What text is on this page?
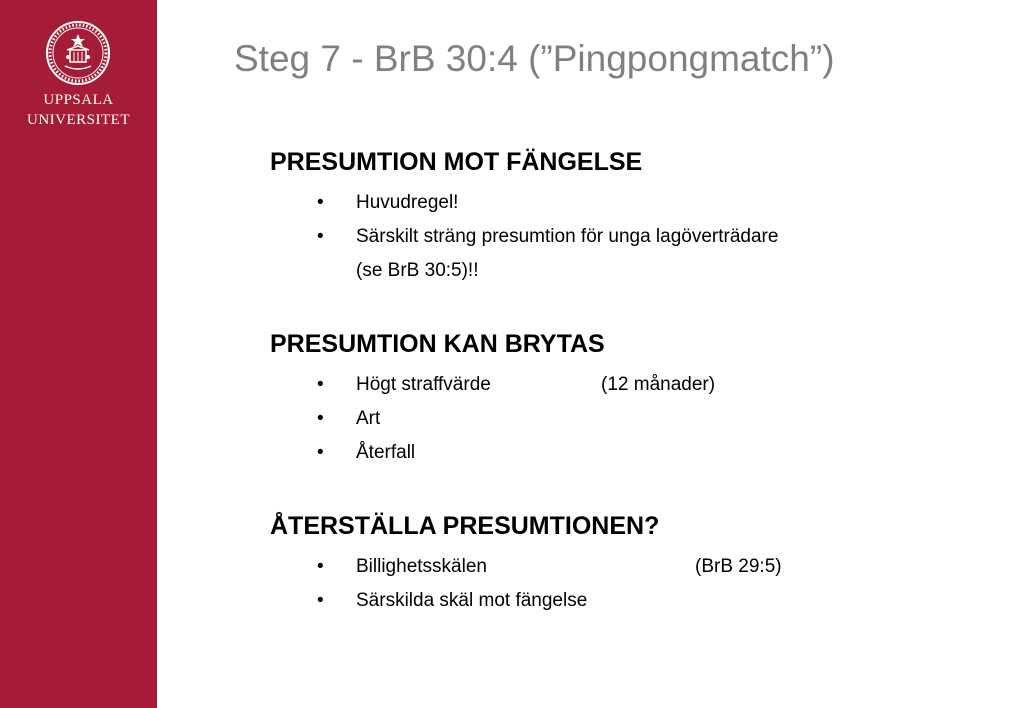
UPPSALA
UNIVERSITET
Steg 7 - BrB 30:4 (”Pingpongmatch”)
PRESUMTION MOT FÄNGELSE
• Huvudregel!
• Särskilt sträng presumtion för unga lagöverträdare
(se BrB 30:5)!!
PRESUMTION KAN BRYTAS
• Högt straffvärde	(12 månader)
• Art
• Återfall
ÅTERSTÄLLA PRESUMTIONEN?
• Billighetsskälen	(BrB 29:5)
• Särskilda skäl mot fängelse
